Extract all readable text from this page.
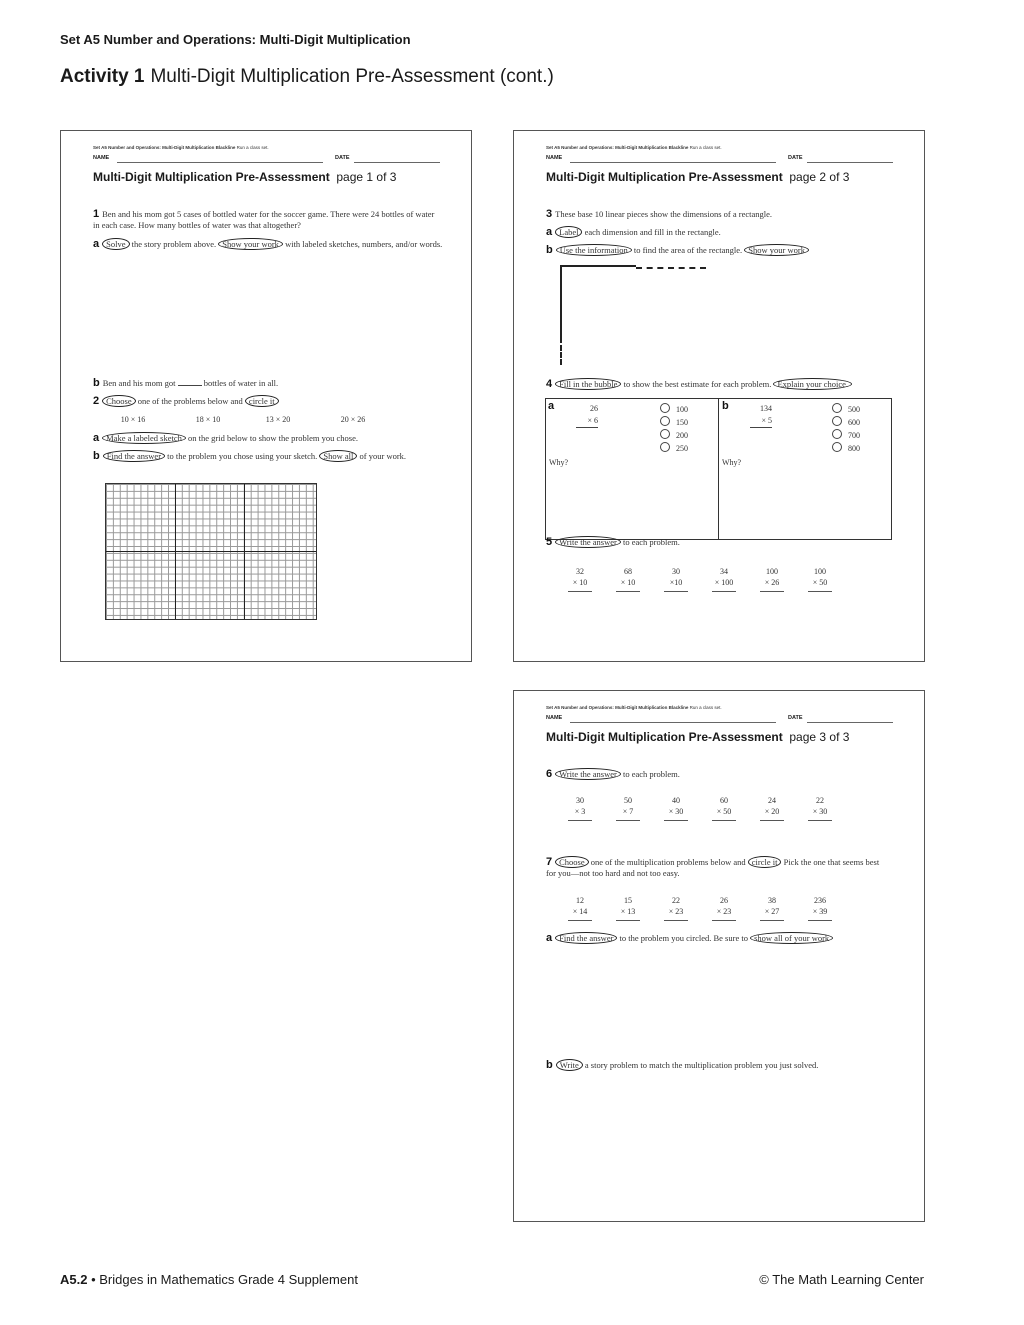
Set A5 Number and Operations: Multi-Digit Multiplication
Activity 1 Multi-Digit Multiplication Pre-Assessment (cont.)
Set A5 Number and Operations: Multi-Digit Multiplication Blackline Run a class set.
NAME	DATE
Multi-Digit Multiplication Pre-Assessment page 1 of 3
1 Ben and his mom got 5 cases of bottled water for the soccer game. There were 24 bottles of water in each case. How many bottles of water was that altogether?
a Solve the story problem above. Show your work with labeled sketches, numbers, and/or words.
b Ben and his mom got	bottles of water in all.
2 Choose one of the problems below and circle it
10 × 16	18 × 10	13 × 20	20 × 26
a Make a labeled sketch on the grid below to show the problem you chose.
b Find the answer to the problem you chose using your sketch. Show all of your work.
Set A5 Number and Operations: Multi-Digit Multiplication Blackline Run a class set.
NAME	DATE
Multi-Digit Multiplication Pre-Assessment page 2 of 3
3 These base 10 linear pieces show the dimensions of a rectangle.
a Label each dimension and fill in the rectangle.
b Use the information to find the area of the rectangle. Show your work
4 Fill in the bubble to show the best estimate for each problem. Explain your choice.
a	26
× 6
100
150
200
250
b	134
× 5
500
600
700
800
Why?	Why?
5 Write the answer to each problem.
32
× 10
68
× 10
30
×10
34
× 100
100
× 26
100
× 50
Set A5 Number and Operations: Multi-Digit Multiplication Blackline Run a class set.
NAME	DATE
Multi-Digit Multiplication Pre-Assessment page 3 of 3
6 Write the answer to each problem.
30
× 3
50
× 7
40
× 30
60
× 50
24
× 20
22
× 30
7 Choose one of the multiplication problems below and circle it Pick the one that seems best for you—not too hard and not too easy.
12
× 14
15
× 13
22
× 23
26
× 23
38
× 27
236
× 39
a Find the answer to the problem you circled. Be sure to show all of your work
b Write a story problem to match the multiplication problem you just solved.
A5.2 • Bridges in Mathematics Grade 4 Supplement	© The Math Learning Center
